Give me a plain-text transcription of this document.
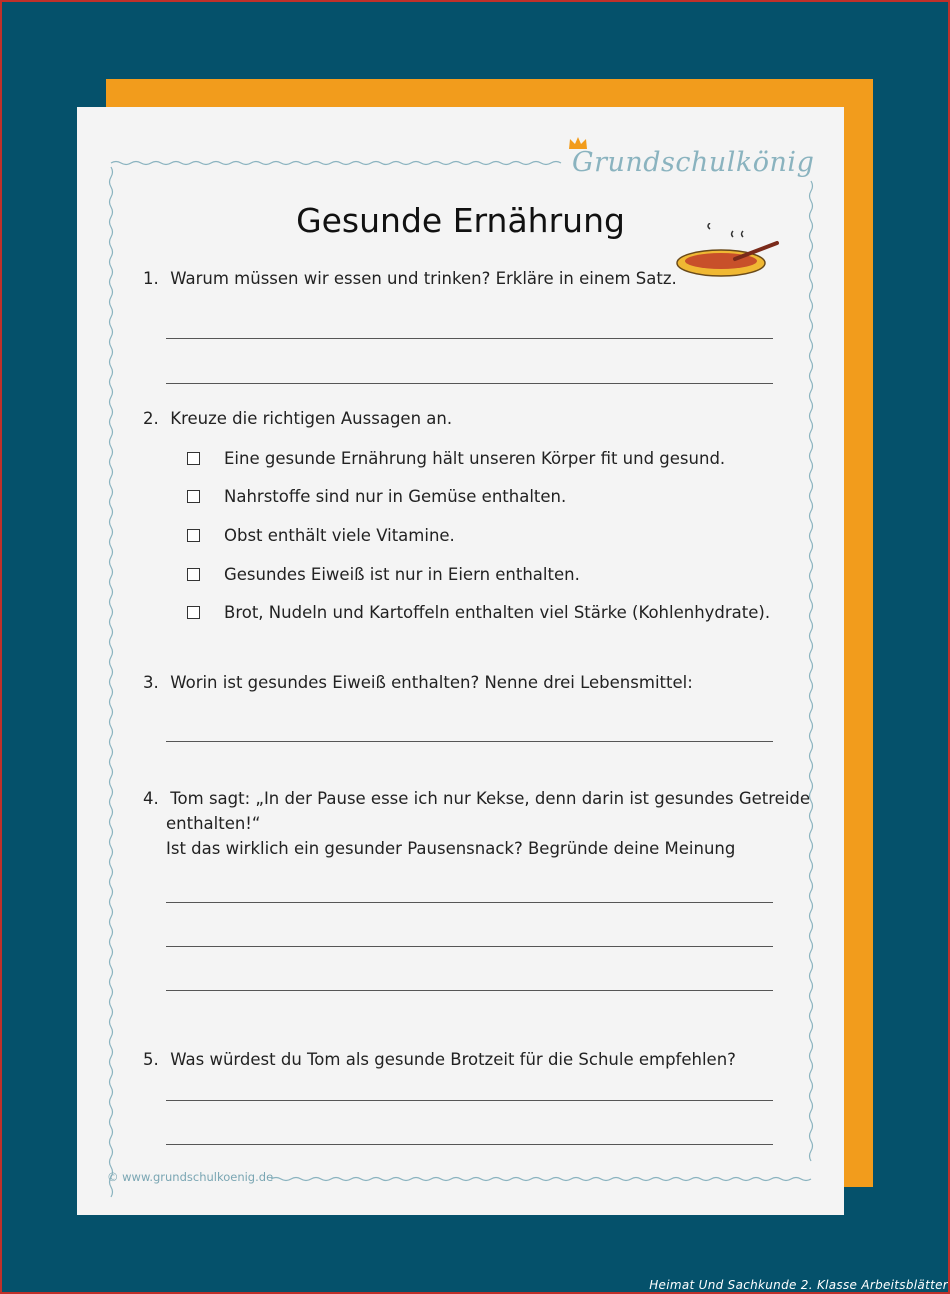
Grundschulkönig
Gesunde Ernährung
1. Warum müssen wir essen und trinken? Erkläre in einem Satz.
2. Kreuze die richtigen Aussagen an.
Eine gesunde Ernährung hält unseren Körper fit und gesund.
Nahrstoffe sind nur in Gemüse enthalten.
Obst enthält viele Vitamine.
Gesundes Eiweiß ist nur in Eiern enthalten.
Brot, Nudeln und Kartoffeln enthalten viel Stärke (Kohlenhydrate).
3. Worin ist gesundes Eiweiß enthalten? Nenne drei Lebensmittel:
4. Tom sagt: „In der Pause esse ich nur Kekse, denn darin ist gesundes Getreide
enthalten!“
Ist das wirklich ein gesunder Pausensnack? Begründe deine Meinung
5. Was würdest du Tom als gesunde Brotzeit für die Schule empfehlen?
© www.grundschulkoenig.de
Heimat Und Sachkunde 2. Klasse Arbeitsblätter
